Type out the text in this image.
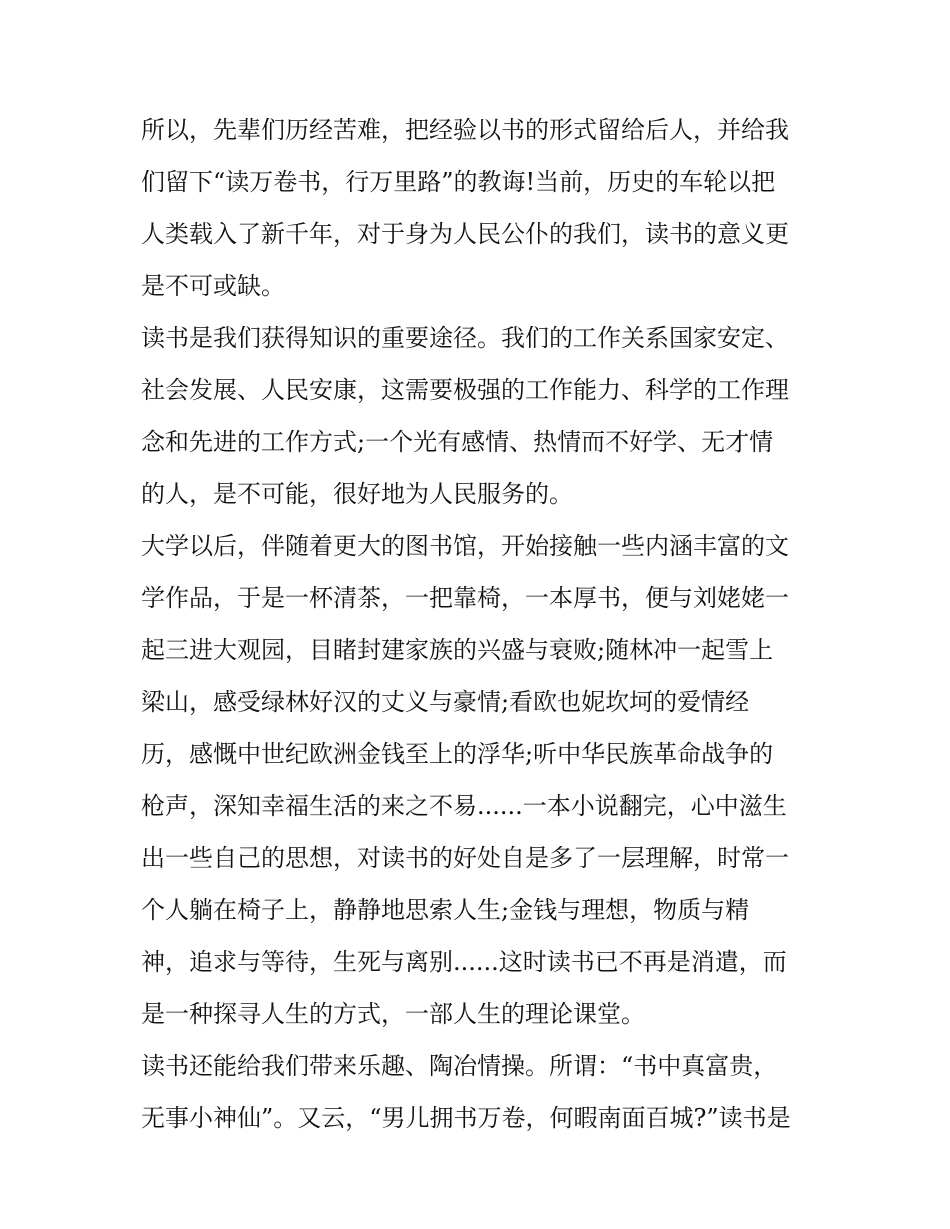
所以，先辈们历经苦难，把经验以书的形式留给后人，并给我
们留下“读万卷书，行万里路”的教诲!当前，历史的车轮以把
人类载入了新千年，对于身为人民公仆的我们，读书的意义更
是不可或缺。
读书是我们获得知识的重要途径。我们的工作关系国家安定、
社会发展、人民安康，这需要极强的工作能力、科学的工作理
念和先进的工作方式;一个光有感情、热情而不好学、无才情
的人，是不可能，很好地为人民服务的。
大学以后，伴随着更大的图书馆，开始接触一些内涵丰富的文
学作品，于是一杯清茶，一把靠椅，一本厚书，便与刘姥姥一
起三进大观园，目睹封建家族的兴盛与衰败;随林冲一起雪上
梁山，感受绿林好汉的丈义与豪情;看欧也妮坎坷的爱情经
历，感慨中世纪欧洲金钱至上的浮华;听中华民族革命战争的
枪声，深知幸福生活的来之不易......一本小说翻完，心中滋生
出一些自己的思想，对读书的好处自是多了一层理解，时常一
个人躺在椅子上，静静地思索人生;金钱与理想，物质与精
神，追求与等待，生死与离别......这时读书已不再是消遣，而
是一种探寻人生的方式，一部人生的理论课堂。
读书还能给我们带来乐趣、陶冶情操。所谓：“书中真富贵，
无事小神仙”。又云，“男儿拥书万卷，何暇南面百城?”读书是
